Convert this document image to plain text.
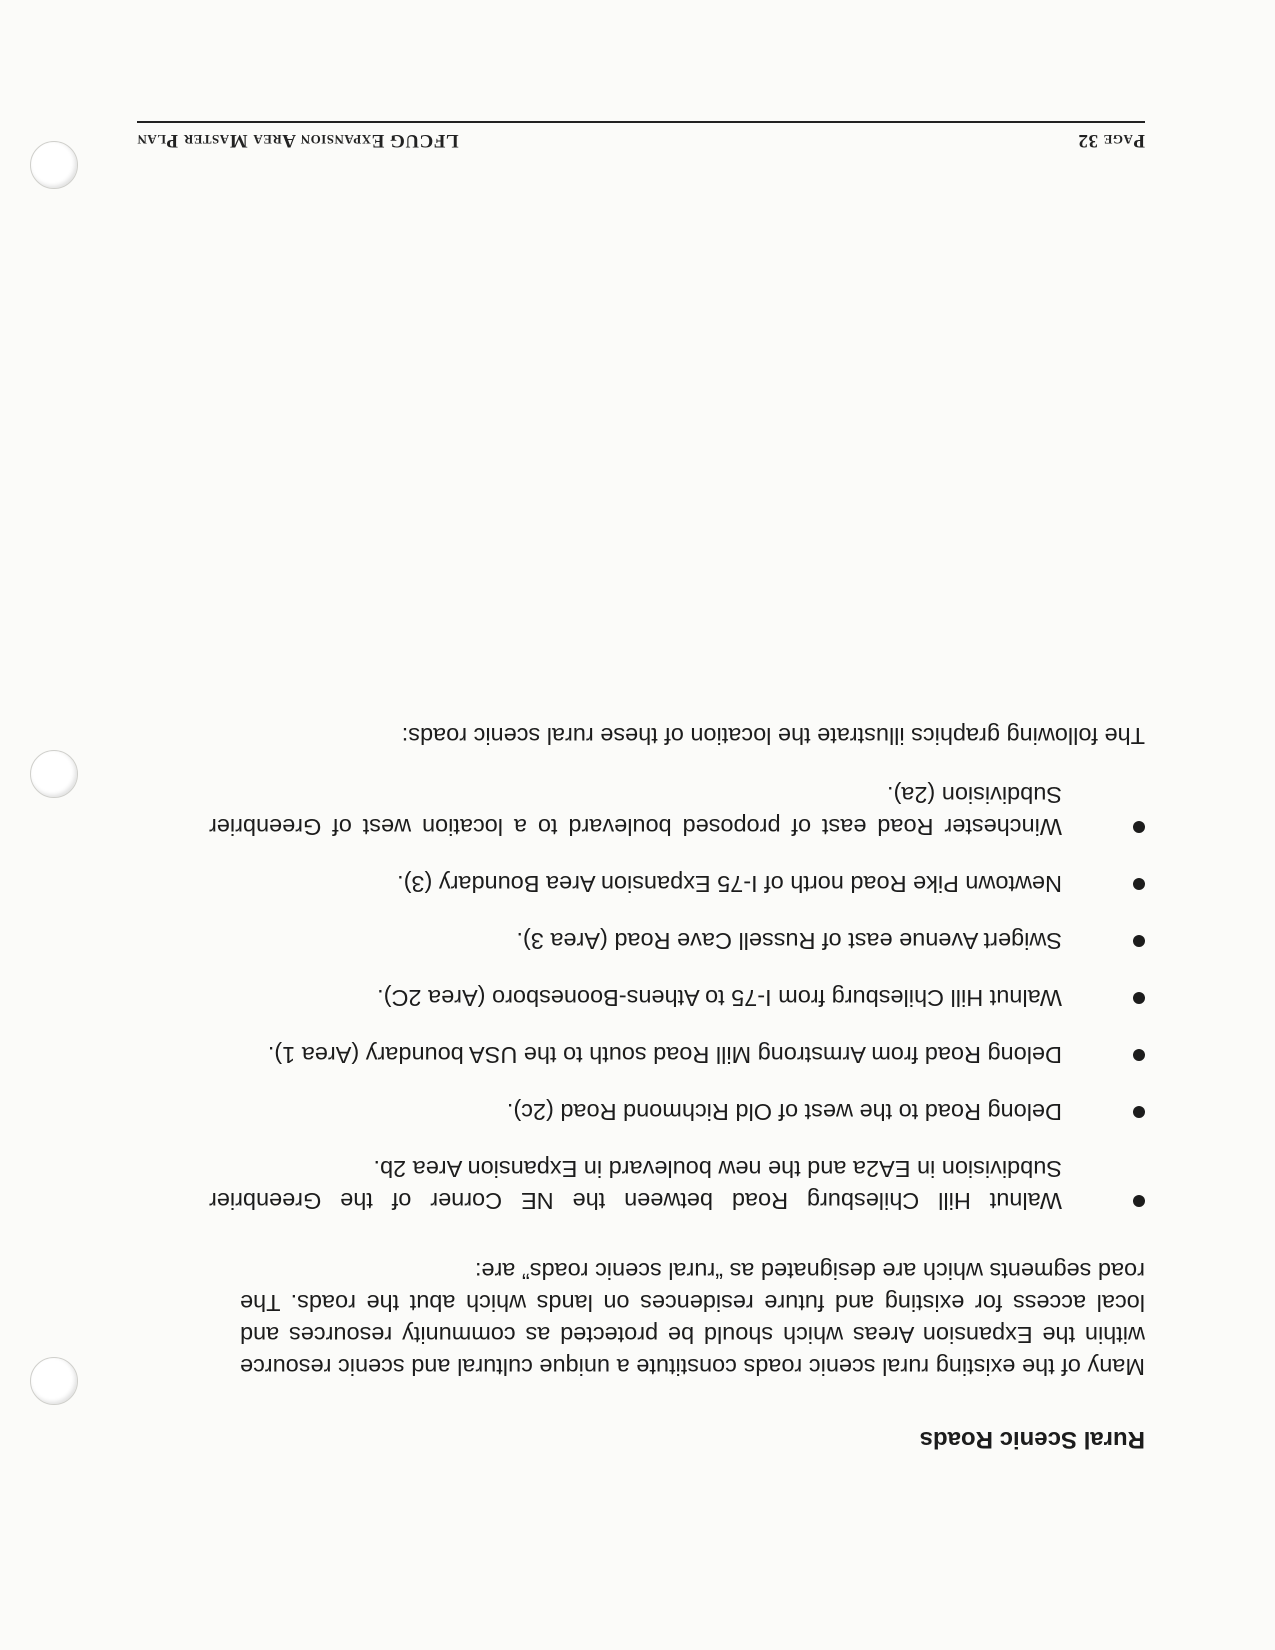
Page 32
LFCUG Expansion Area Master Plan
Rural Scenic Roads
Many of the existing rural scenic roads constitute a unique cultural and scenic resource within the Expansion Areas which should be protected as community resources and local access for existing and future residences on lands which abut the roads. The road segments which are designated as “rural scenic roads” are:
Walnut Hill Chilesburg Road between the NE Corner of the Greenbrier Subdivision in EA2a and the new boulevard in Expansion Area 2b.
Delong Road to the west of Old Richmond Road (2c).
Delong Road from Armstrong Mill Road south to the USA boundary (Area 1).
Walnut Hill Chilesburg from I-75 to Athens-Boonesboro (Area 2C).
Swigert Avenue east of Russell Cave Road (Area 3).
Newtown Pike Road north of I-75 Expansion Area Boundary (3).
Winchester Road east of proposed boulevard to a location west of Greenbrier Subdivision (2a).
The following graphics illustrate the location of these rural scenic roads:
